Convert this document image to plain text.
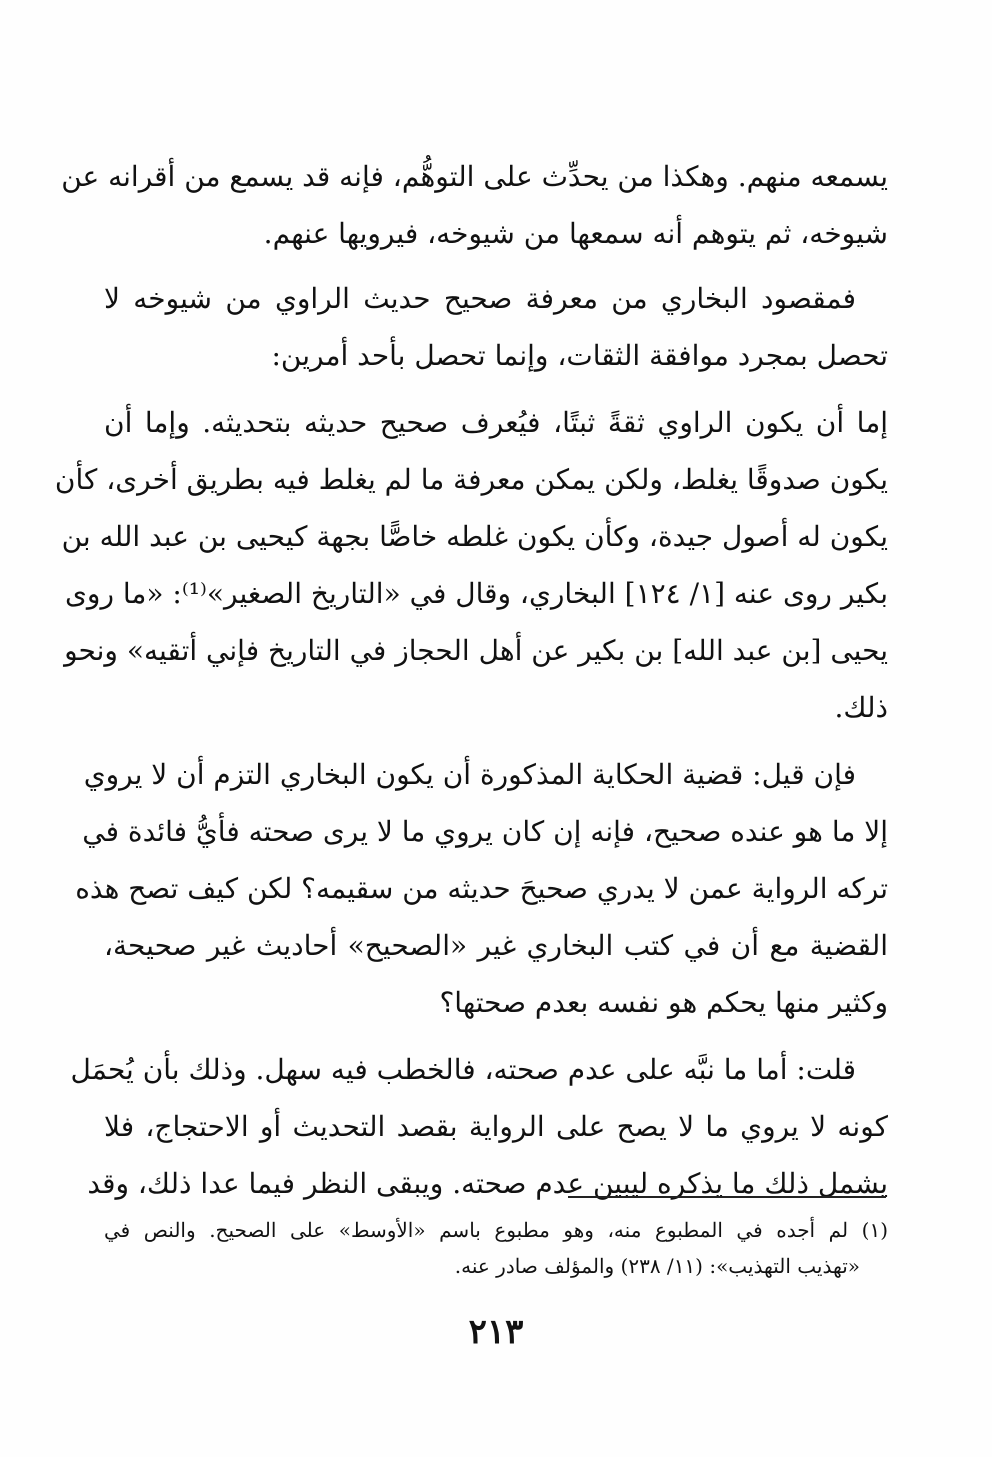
يسمعه منهم. وهكذا من يحدِّث على التوهُّم، فإنه قد يسمع من أقرانه عن
شيوخه، ثم يتوهم أنه سمعها من شيوخه، فيرويها عنهم.
فمقصود البخاري من معرفة صحيح حديث الراوي من شيوخه لا
تحصل بمجرد موافقة الثقات، وإنما تحصل بأحد أمرين:
إما أن يكون الراوي ثقةً ثبتًا، فيُعرف صحيح حديثه بتحديثه. وإما أن
يكون صدوقًا يغلط، ولكن يمكن معرفة ما لم يغلط فيه بطريق أخرى، كأن
يكون له أصول جيدة، وكأن يكون غلطه خاصًّا بجهة كيحيى بن عبد الله بن
بكير روى عنه [١/ ١٢٤] البخاري، وقال في «التاريخ الصغير»⁽¹⁾: «ما روى
يحيى [بن عبد الله] بن بكير عن أهل الحجاز في التاريخ فإني أتقيه» ونحو
ذلك.
فإن قيل: قضية الحكاية المذكورة أن يكون البخاري التزم أن لا يروي
إلا ما هو عنده صحيح، فإنه إن كان يروي ما لا يرى صحته فأيُّ فائدة في
تركه الرواية عمن لا يدري صحيحَ حديثه من سقيمه؟ لكن كيف تصح هذه
القضية مع أن في كتب البخاري غير «الصحيح» أحاديث غير صحيحة،
وكثير منها يحكم هو نفسه بعدم صحتها؟
قلت: أما ما نبَّه على عدم صحته، فالخطب فيه سهل. وذلك بأن يُحمَل
كونه لا يروي ما لا يصح على الرواية بقصد التحديث أو الاحتجاج، فلا
يشمل ذلك ما يذكره ليبين عدم صحته. ويبقى النظر فيما عدا ذلك، وقد
(١) لم أجده في المطبوع منه، وهو مطبوع باسم «الأوسط» على الصحيح. والنص في
«تهذيب التهذيب»: (١١/ ٢٣٨) والمؤلف صادر عنه.
٢١٣
